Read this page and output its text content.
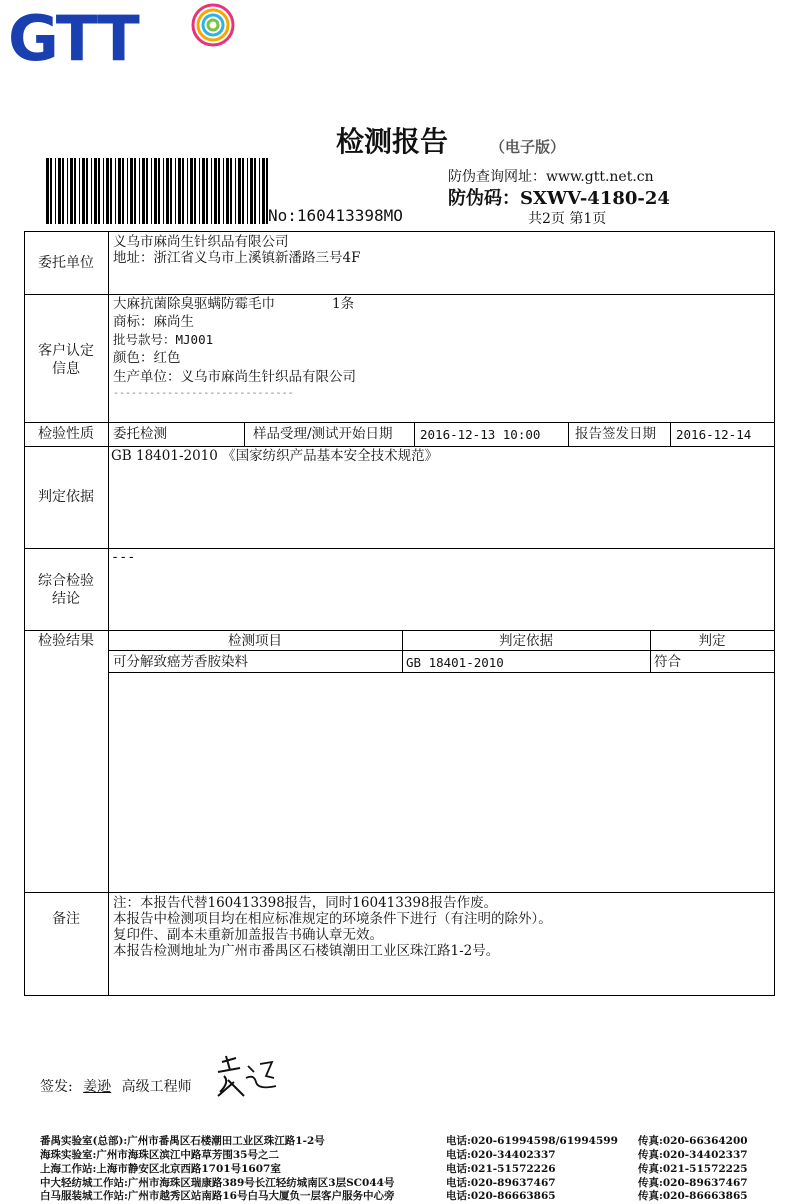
GTT
检测报告	（电子版）
防伪查询网址：www.gtt.net.cn
防伪码：SXWV-4180-24
共2页 第1页
No:160413398MO
委托单位
义乌市麻尚生针织品有限公司
地址：浙江省义乌市上溪镇新潘路三号4F
客户认定
信息
大麻抗菌除臭驱螨防霉毛巾	1条
商标：麻尚生
批号款号：MJ001
颜色：红色
生产单位：义乌市麻尚生针织品有限公司
------------------------------
检验性质	委托检测	样品受理/测试开始日期 2016-12-13 10:00	报告签发日期 2016-12-14
判定依据
GB 18401-2010 《国家纺织产品基本安全技术规范》
综合检验
结论
---
检验结果	检测项目	判定依据	判定
可分解致癌芳香胺染料	GB 18401-2010	符合
备注
注：本报告代替160413398报告，同时160413398报告作废。
本报告中检测项目均在相应标准规定的环境条件下进行（有注明的除外）。
复印件、副本未重新加盖报告书确认章无效。
本报告检测地址为广州市番禺区石楼镇潮田工业区珠江路1-2号。
签发: 姜逊 高级工程师
番禺实验室(总部):广州市番禺区石楼潮田工业区珠江路1-2号	电话:020-61994598/61994599 传真:020-66364200
海珠实验室:广州市海珠区滨江中路草芳围35号之二	电话:020-34402337	传真:020-34402337
上海工作站:上海市静安区北京西路1701号1607室	电话:021-51572226	传真:021-51572225
中大轻纺城工作站:广州市海珠区瑞康路389号长江轻纺城南区3层SC044号	电话:020-89637467	传真:020-89637467
白马服装城工作站:广州市越秀区站南路16号白马大厦负一层客户服务中心旁	电话:020-86663865	传真:020-86663865
